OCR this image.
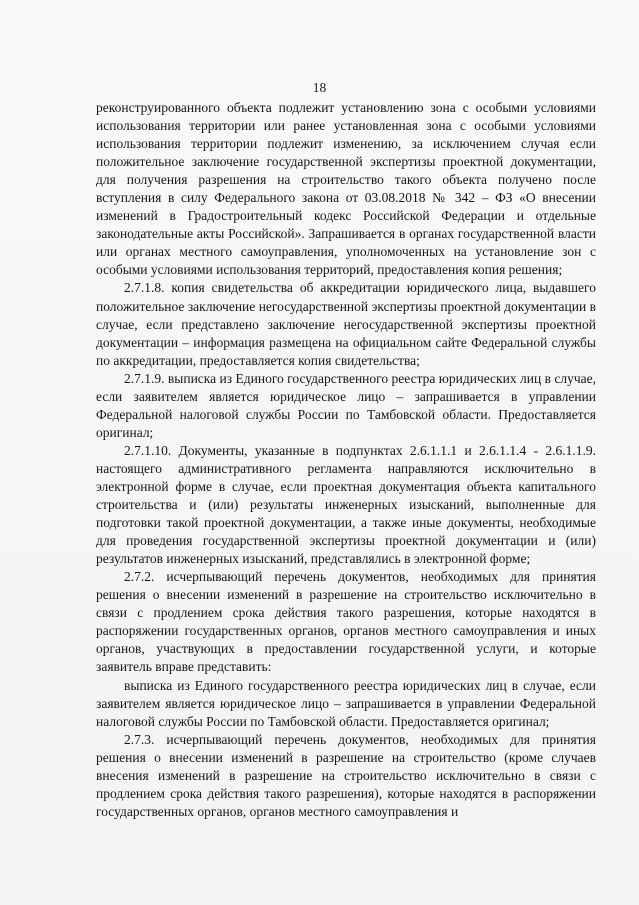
18

реконструированного объекта подлежит установлению зона с особыми условиями использования территории или ранее установленная зона с особыми условиями использования территории подлежит изменению, за исключением случая если положительное заключение государственной экспертизы проектной документации, для получения разрешения на строительство такого объекта получено после вступления в силу Федерального закона от 03.08.2018 № 342 – ФЗ «О внесении изменений в Градостроительный кодекс Российской Федерации и отдельные законодательные акты Российской». Запрашивается в органах государственной власти или органах местного самоуправления, уполномоченных на установление зон с особыми условиями использования территорий, предоставления копия решения;

2.7.1.8. копия свидетельства об аккредитации юридического лица, выдавшего положительное заключение негосударственной экспертизы проектной документации в случае, если представлено заключение негосударственной экспертизы проектной документации – информация размещена на официальном сайте Федеральной службы по аккредитации, предоставляется копия свидетельства;

2.7.1.9. выписка из Единого государственного реестра юридических лиц в случае, если заявителем является юридическое лицо – запрашивается в управлении Федеральной налоговой службы России по Тамбовской области. Предоставляется оригинал;

2.7.1.10. Документы, указанные в подпунктах 2.6.1.1.1 и 2.6.1.1.4 - 2.6.1.1.9. настоящего административного регламента направляются исключительно в электронной форме в случае, если проектная документация объекта капитального строительства и (или) результаты инженерных изысканий, выполненные для подготовки такой проектной документации, а также иные документы, необходимые для проведения государственной экспертизы проектной документации и (или) результатов инженерных изысканий, представлялись в электронной форме;

2.7.2. исчерпывающий перечень документов, необходимых для принятия решения о внесении изменений в разрешение на строительство исключительно в связи с продлением срока действия такого разрешения, которые находятся в распоряжении государственных органов, органов местного самоуправления и иных органов, участвующих в предоставлении государственной услуги, и которые заявитель вправе представить:

выписка из Единого государственного реестра юридических лиц в случае, если заявителем является юридическое лицо – запрашивается в управлении Федеральной налоговой службы России по Тамбовской области. Предоставляется оригинал;

2.7.3. исчерпывающий перечень документов, необходимых для принятия решения о внесении изменений в разрешение на строительство (кроме случаев внесения изменений в разрешение на строительство исключительно в связи с продлением срока действия такого разрешения), которые находятся в распоряжении государственных органов, органов местного самоуправления и
